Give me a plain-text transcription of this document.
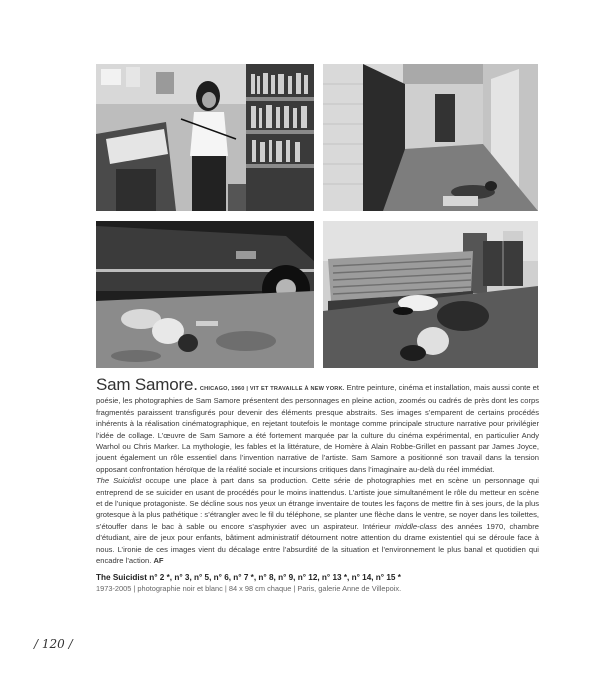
Sam Samore. CHICAGO, 1960 | VIT ET TRAVAILLE À NEW YORK. Entre peinture, cinéma et installation, mais aussi conte et poésie, les photographies de Sam Samore présentent des personnages en pleine action, zoomés ou cadrés de près dont les corps fragmentés paraissent transfigurés pour devenir des éléments presque abstraits. Ses images s’emparent de certains procédés inhérents à la réalisation cinématographique, en rejetant toutefois le montage comme principale structure narrative pour privilégier l’idée de collage. L’œuvre de Sam Samore a été fortement marquée par la culture du cinéma expérimental, en particulier Andy Warhol ou Chris Marker. La mythologie, les fables et la littérature, de Homère à Alain Robbe-Grillet en passant par James Joyce, jouent également un rôle essentiel dans l’invention narrative de l’artiste. Sam Samore a positionné son travail dans la tension opposant confrontation héroïque de la réalité sociale et incursions critiques dans l’imaginaire au-delà du réel immédiat.

The Suicidist occupe une place à part dans sa production. Cette série de photographies met en scène un personnage qui entreprend de se suicider en usant de procédés pour le moins inattendus. L’artiste joue simultanément le rôle du metteur en scène et de l’unique protagoniste. Se décline sous nos yeux un étrange inventaire de toutes les façons de mettre fin à ses jours, de la plus grotesque à la plus pathétique : s’étrangler avec le fil du téléphone, se planter une flèche dans le ventre, se noyer dans les toilettes, s’étouffer dans le bac à sable ou encore s’asphyxier avec un aspirateur. Intérieur middle-class des années 1970, chambre d’étudiant, aire de jeux pour enfants, bâtiment administratif détournent notre attention du drame existentiel qui se déroule face à nous. L’ironie de ces images vient du décalage entre l’absurdité de la situation et l’environnement le plus banal et quotidien qui encadre l’action. AF

The Suicidist n° 2 *, n° 3, n° 5, n° 6, n° 7 *, n° 8, n° 9, n° 12, n° 13 *, n° 14, n° 15 *

1973-2005 | photographie noir et blanc | 84 x 98 cm chaque | Paris, galerie Anne de Villepoix.

/ 120 /
